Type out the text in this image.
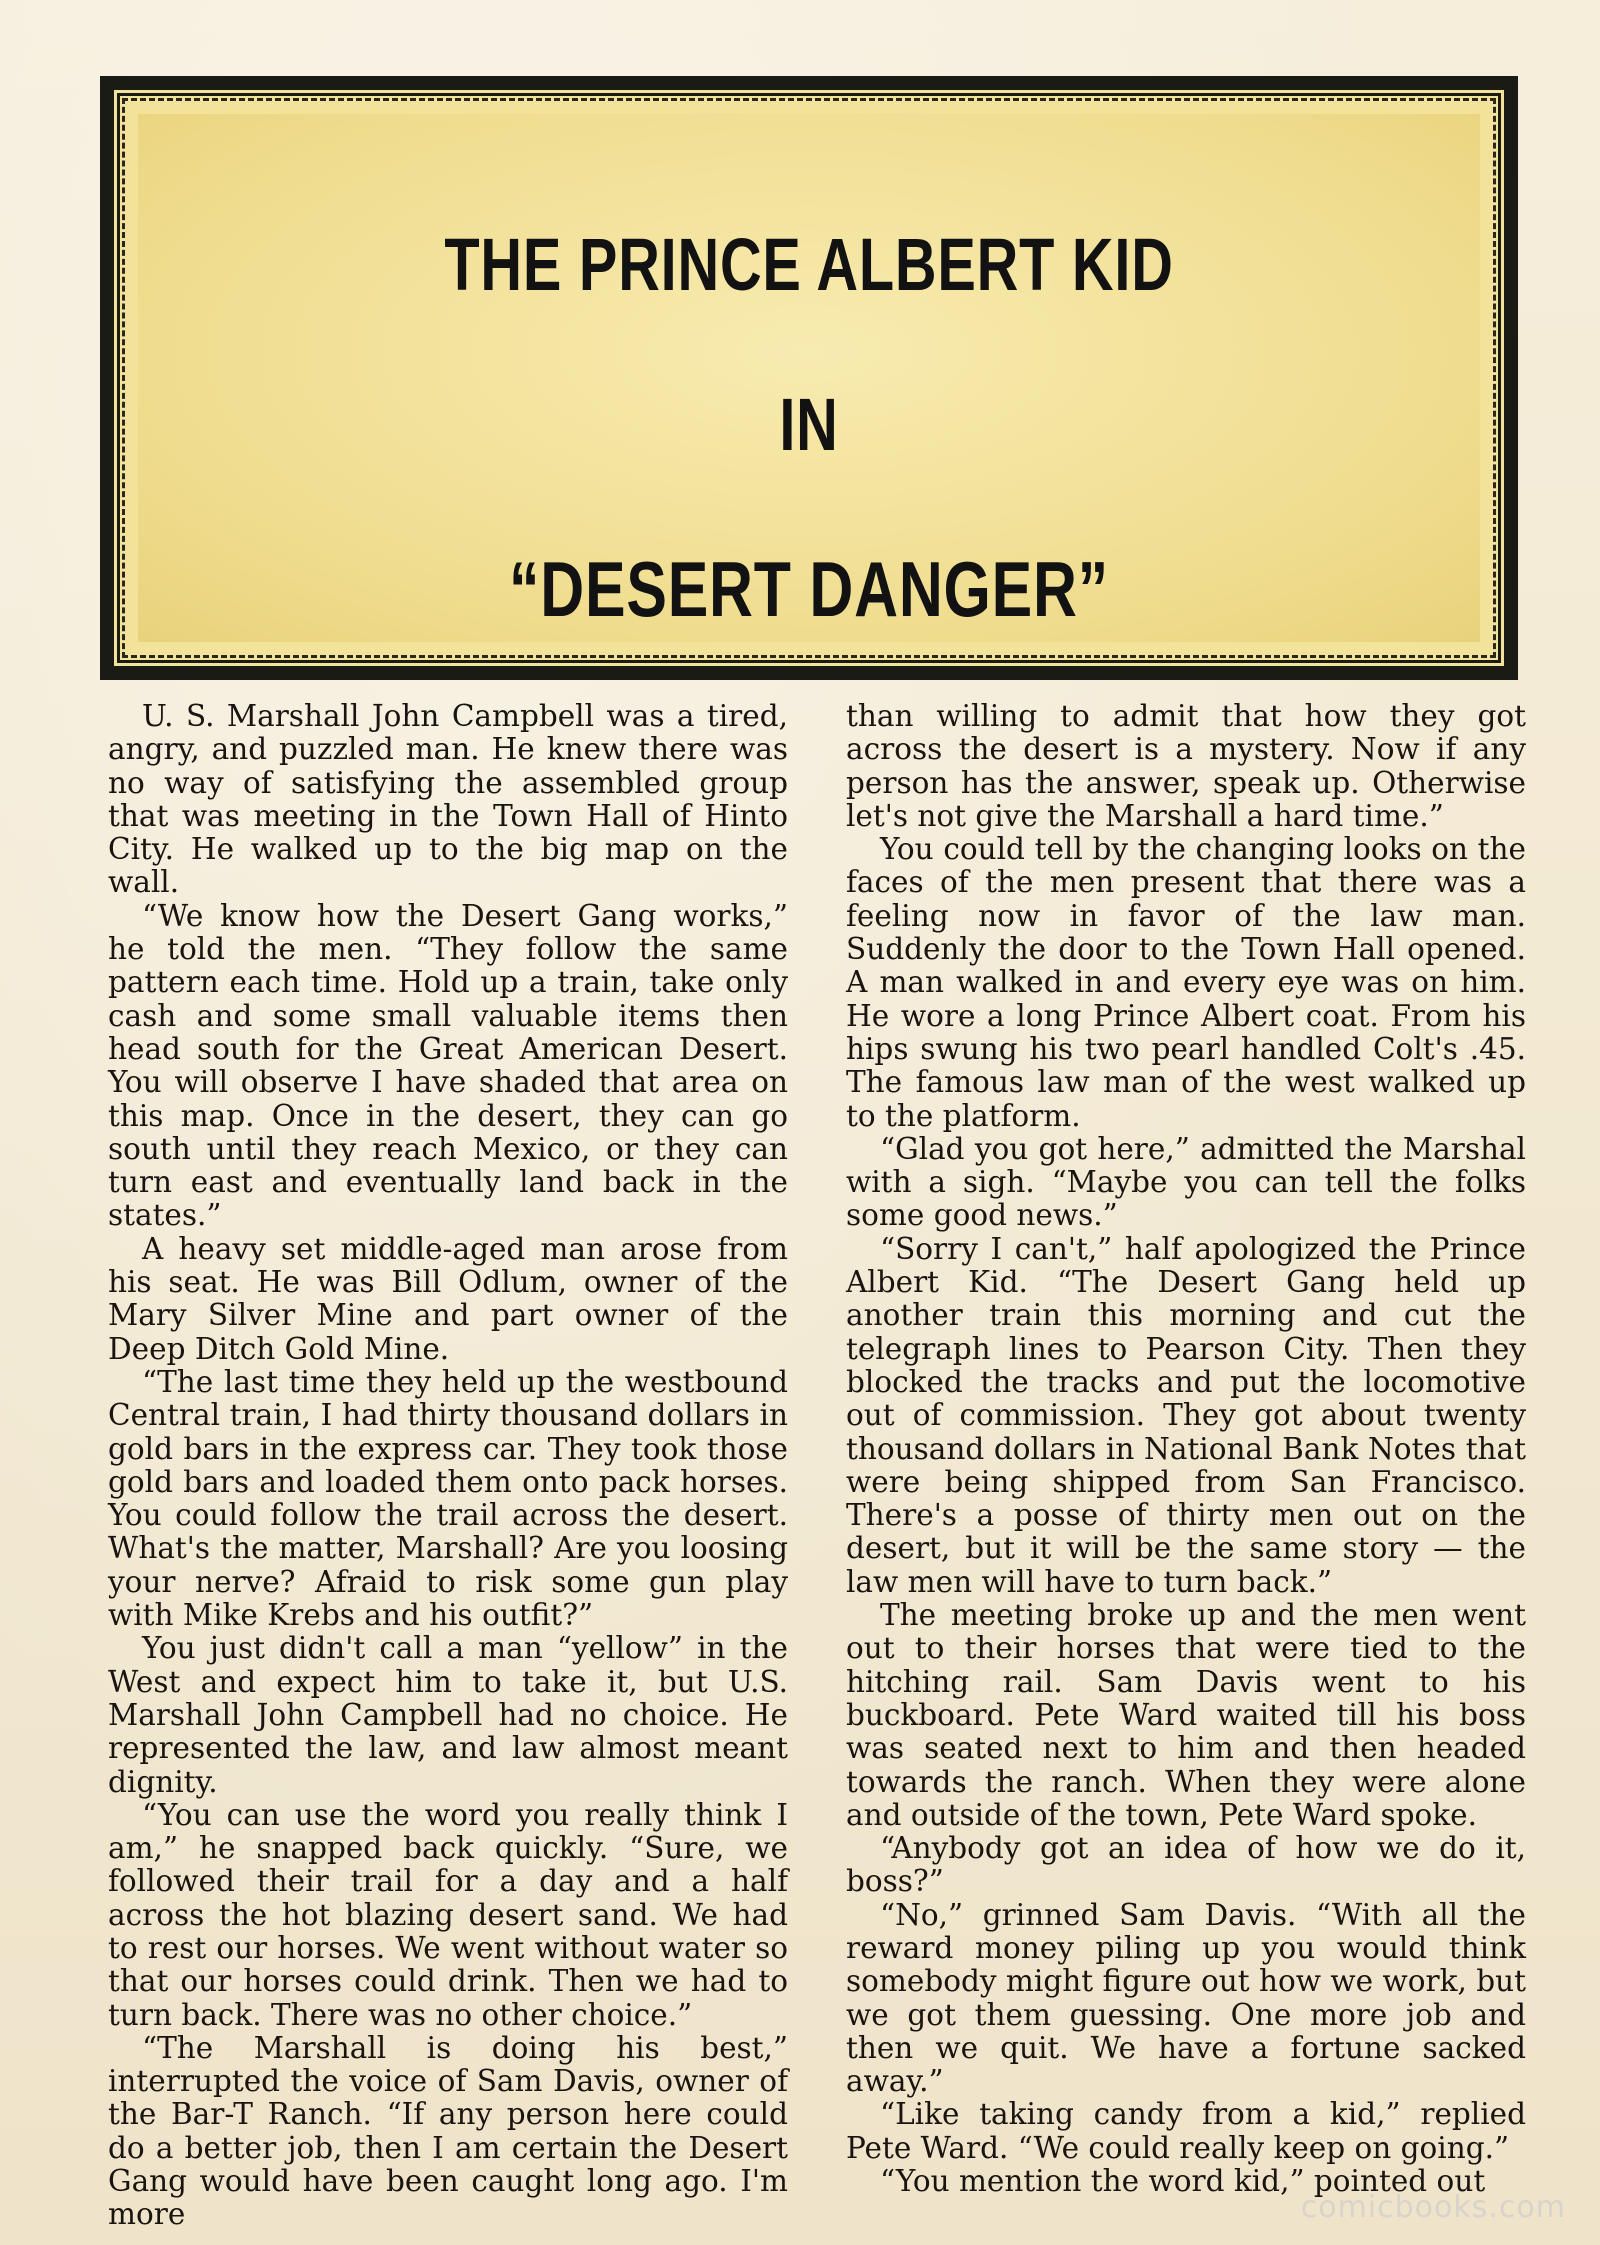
THE PRINCE ALBERT KID
IN
“DESERT DANGER”

U. S. Marshall John Campbell was a tired, angry, and puzzled man. He knew there was no way of satisfying the assembled group that was meeting in the Town Hall of Hinto City. He walked up to the big map on the wall.

“We know how the Desert Gang works,” he told the men. “They follow the same pattern each time. Hold up a train, take only cash and some small valuable items then head south for the Great American Desert. You will observe I have shaded that area on this map. Once in the desert, they can go south until they reach Mexico, or they can turn east and eventually land back in the states.”

A heavy set middle-aged man arose from his seat. He was Bill Odlum, owner of the Mary Silver Mine and part owner of the Deep Ditch Gold Mine.

“The last time they held up the westbound Central train, I had thirty thousand dollars in gold bars in the express car. They took those gold bars and loaded them onto pack horses. You could follow the trail across the desert. What's the matter, Marshall? Are you loosing your nerve? Afraid to risk some gun play with Mike Krebs and his outfit?”

You just didn't call a man “yellow” in the West and expect him to take it, but U.S. Marshall John Campbell had no choice. He represented the law, and law almost meant dignity.

“You can use the word you really think I am,” he snapped back quickly. “Sure, we followed their trail for a day and a half across the hot blazing desert sand. We had to rest our horses. We went without water so that our horses could drink. Then we had to turn back. There was no other choice.”

“The Marshall is doing his best,” interrupted the voice of Sam Davis, owner of the Bar-T Ranch. “If any person here could do a better job, then I am certain the Desert Gang would have been caught long ago. I'm more

than willing to admit that how they got across the desert is a mystery. Now if any person has the answer, speak up. Otherwise let's not give the Marshall a hard time.”

You could tell by the changing looks on the faces of the men present that there was a feeling now in favor of the law man. Suddenly the door to the Town Hall opened. A man walked in and every eye was on him. He wore a long Prince Albert coat. From his hips swung his two pearl handled Colt's .45. The famous law man of the west walked up to the platform.

“Glad you got here,” admitted the Marshal with a sigh. “Maybe you can tell the folks some good news.”

“Sorry I can't,” half apologized the Prince Albert Kid. “The Desert Gang held up another train this morning and cut the telegraph lines to Pearson City. Then they blocked the tracks and put the locomotive out of commission. They got about twenty thousand dollars in National Bank Notes that were being shipped from San Francisco. There's a posse of thirty men out on the desert, but it will be the same story — the law men will have to turn back.”

The meeting broke up and the men went out to their horses that were tied to the hitching rail. Sam Davis went to his buckboard. Pete Ward waited till his boss was seated next to him and then headed towards the ranch. When they were alone and outside of the town, Pete Ward spoke.

“Anybody got an idea of how we do it, boss?”

“No,” grinned Sam Davis. “With all the reward money piling up you would think somebody might figure out how we work, but we got them guessing. One more job and then we quit. We have a fortune sacked away.”

“Like taking candy from a kid,” replied Pete Ward. “We could really keep on going.”

“You mention the word kid,” pointed out

comicbooks.com
